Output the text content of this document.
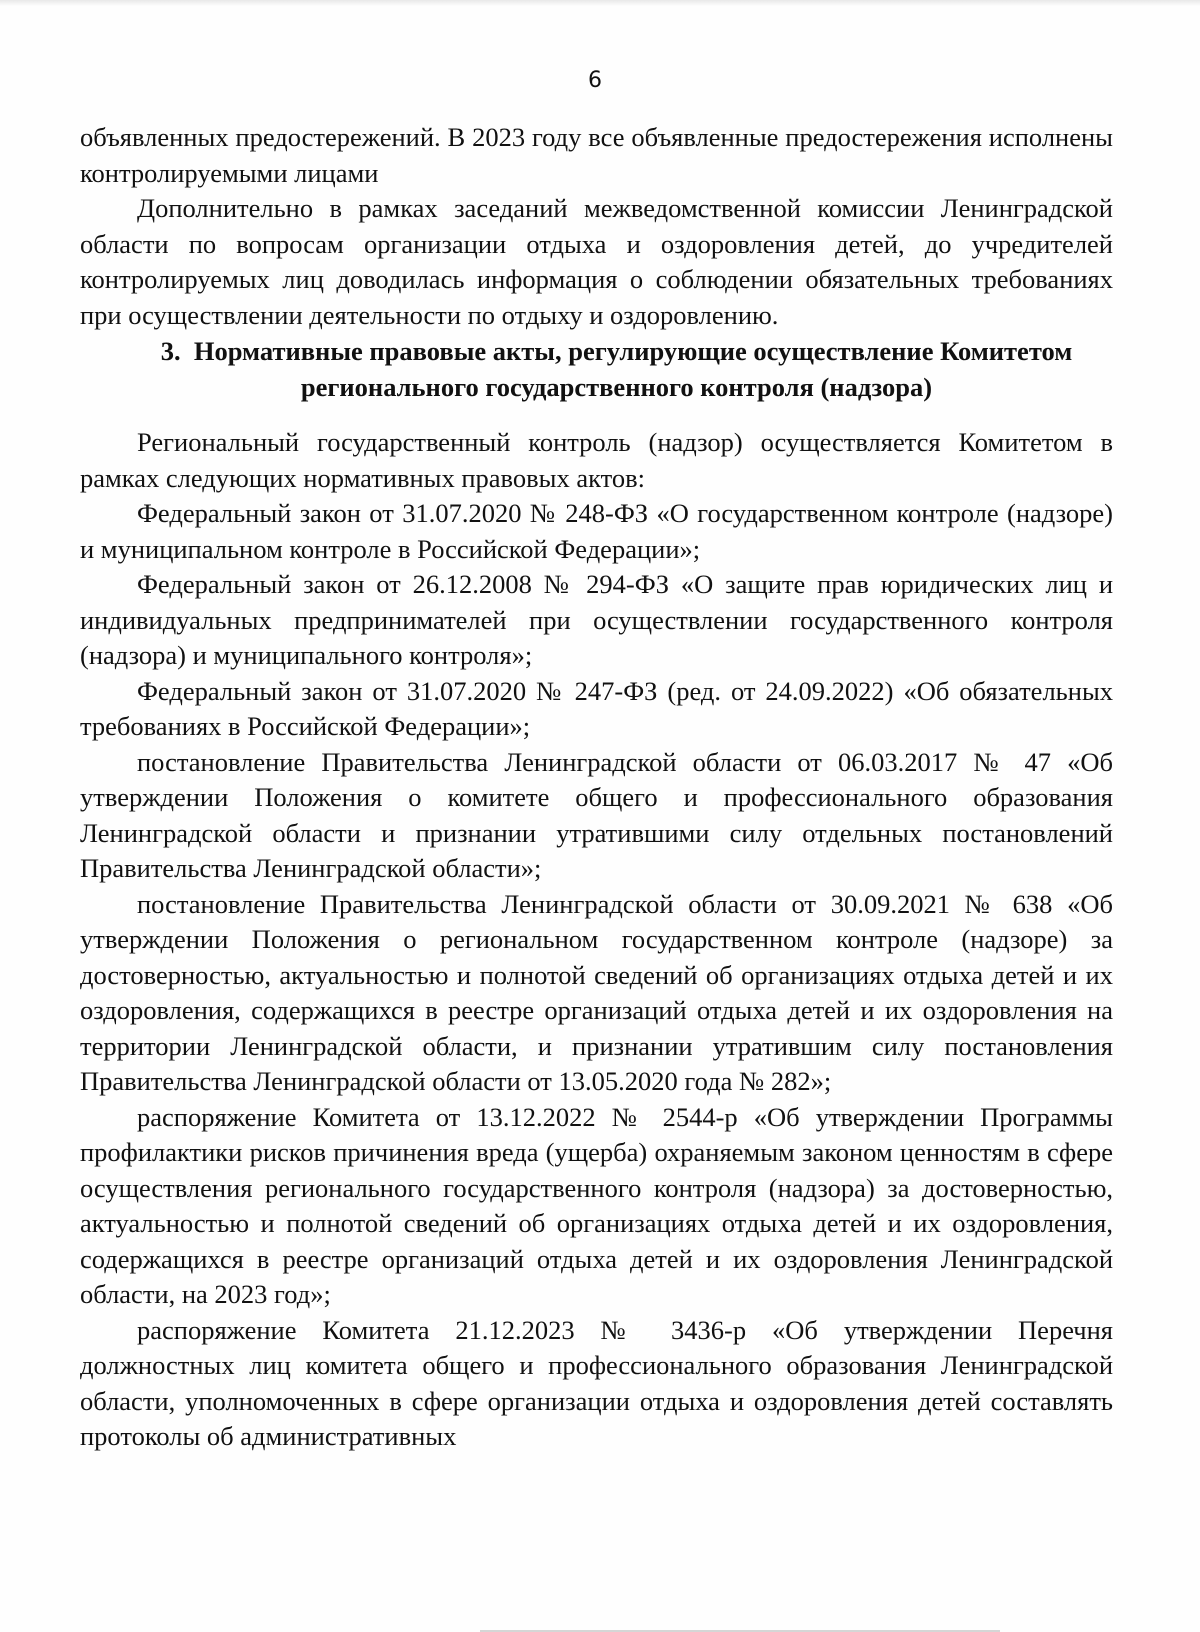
6

объявленных предостережений. В 2023 году все объявленные предостережения исполнены контролируемыми лицами

Дополнительно в рамках заседаний межведомственной комиссии Ленинградской области по вопросам организации отдыха и оздоровления детей, до учредителей контролируемых лиц доводилась информация о соблюдении обязательных требованиях при осуществлении деятельности по отдыху и оздоровлению.

3. Нормативные правовые акты, регулирующие осуществление Комитетом
регионального государственного контроля (надзора)

Региональный государственный контроль (надзор) осуществляется Комитетом в рамках следующих нормативных правовых актов:

Федеральный закон от 31.07.2020 № 248-ФЗ «О государственном контроле (надзоре) и муниципальном контроле в Российской Федерации»;

Федеральный закон от 26.12.2008 № 294-ФЗ «О защите прав юридических лиц и индивидуальных предпринимателей при осуществлении государственного контроля (надзора) и муниципального контроля»;

Федеральный закон от 31.07.2020 № 247-ФЗ (ред. от 24.09.2022) «Об обязательных требованиях в Российской Федерации»;

постановление Правительства Ленинградской области от 06.03.2017 № 47 «Об утверждении Положения о комитете общего и профессионального образования Ленинградской области и признании утратившими силу отдельных постановлений Правительства Ленинградской области»;

постановление Правительства Ленинградской области от 30.09.2021 № 638 «Об утверждении Положения о региональном государственном контроле (надзоре) за достоверностью, актуальностью и полнотой сведений об организациях отдыха детей и их оздоровления, содержащихся в реестре организаций отдыха детей и их оздоровления на территории Ленинградской области, и признании утратившим силу постановления Правительства Ленинградской области от 13.05.2020 года № 282»;

распоряжение Комитета от 13.12.2022 № 2544-р «Об утверждении Программы профилактики рисков причинения вреда (ущерба) охраняемым законом ценностям в сфере осуществления регионального государственного контроля (надзора) за достоверностью, актуальностью и полнотой сведений об организациях отдыха детей и их оздоровления, содержащихся в реестре организаций отдыха детей и их оздоровления Ленинградской области, на 2023 год»;

распоряжение Комитета 21.12.2023 № 3436-р «Об утверждении Перечня должностных лиц комитета общего и профессионального образования Ленинградской области, уполномоченных в сфере организации отдыха и оздоровления детей составлять протоколы об административных
